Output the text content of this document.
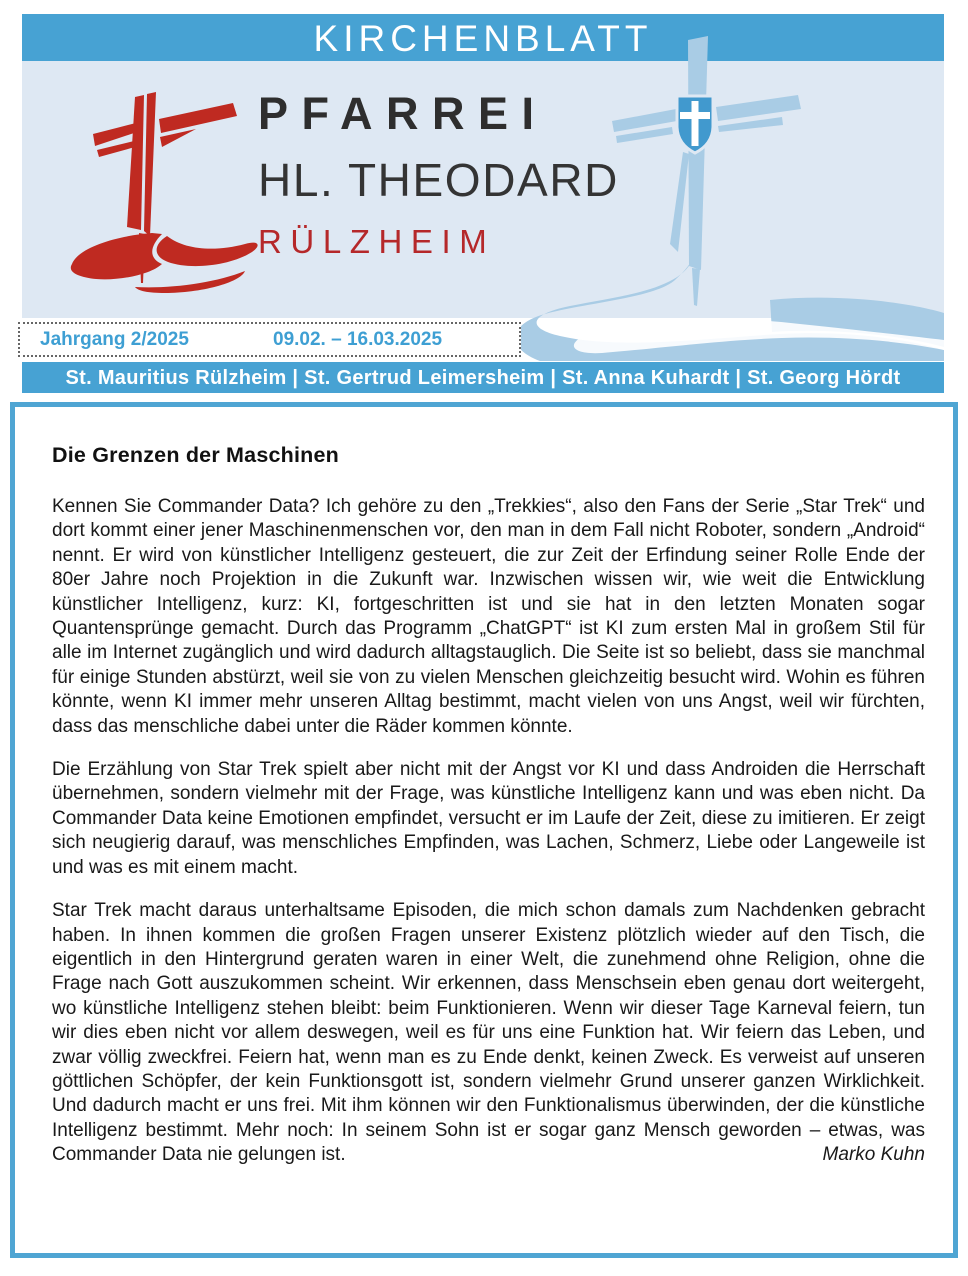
KIRCHENBLATT
PFARREI
HL. THEODARD
RÜLZHEIM
Jahrgang 2/2025	09.02. – 16.03.2025
St. Mauritius Rülzheim | St. Gertrud Leimersheim | St. Anna Kuhardt | St. Georg Hördt
Die Grenzen der Maschinen

Kennen Sie Commander Data? Ich gehöre zu den „Trekkies“, also den Fans der Serie „Star Trek“ und dort kommt einer jener Maschinenmenschen vor, den man in dem Fall nicht Roboter, sondern „Android“ nennt. Er wird von künstlicher Intelligenz gesteuert, die zur Zeit der Erfindung seiner Rolle Ende der 80er Jahre noch Projektion in die Zukunft war. Inzwischen wissen wir, wie weit die Entwicklung künstlicher Intelligenz, kurz: KI, fortgeschritten ist und sie hat in den letzten Monaten sogar Quantensprünge gemacht. Durch das Programm „ChatGPT“ ist KI zum ersten Mal in großem Stil für alle im Internet zugänglich und wird dadurch alltagstauglich. Die Seite ist so beliebt, dass sie manchmal für einige Stunden abstürzt, weil sie von zu vielen Menschen gleichzeitig besucht wird. Wohin es führen könnte, wenn KI immer mehr unseren Alltag bestimmt, macht vielen von uns Angst, weil wir fürchten, dass das menschliche dabei unter die Räder kommen könnte.

Die Erzählung von Star Trek spielt aber nicht mit der Angst vor KI und dass Androiden die Herrschaft übernehmen, sondern vielmehr mit der Frage, was künstliche Intelligenz kann und was eben nicht. Da Commander Data keine Emotionen empfindet, versucht er im Laufe der Zeit, diese zu imitieren. Er zeigt sich neugierig darauf, was menschliches Empfinden, was Lachen, Schmerz, Liebe oder Langeweile ist und was es mit einem macht.

Star Trek macht daraus unterhaltsame Episoden, die mich schon damals zum Nachdenken gebracht haben. In ihnen kommen die großen Fragen unserer Existenz plötzlich wieder auf den Tisch, die eigentlich in den Hintergrund geraten waren in einer Welt, die zunehmend ohne Religion, ohne die Frage nach Gott auszukommen scheint. Wir erkennen, dass Menschsein eben genau dort weitergeht, wo künstliche Intelligenz stehen bleibt: beim Funktionieren. Wenn wir dieser Tage Karneval feiern, tun wir dies eben nicht vor allem deswegen, weil es für uns eine Funktion hat. Wir feiern das Leben, und zwar völlig zweckfrei. Feiern hat, wenn man es zu Ende denkt, keinen Zweck. Es verweist auf unseren göttlichen Schöpfer, der kein Funktionsgott ist, sondern vielmehr Grund unserer ganzen Wirklichkeit. Und dadurch macht er uns frei. Mit ihm können wir den Funktionalismus überwinden, der die künstliche Intelligenz bestimmt. Mehr noch: In seinem Sohn ist er sogar ganz Mensch geworden – etwas, was Commander Data nie gelungen ist.	Marko Kuhn
